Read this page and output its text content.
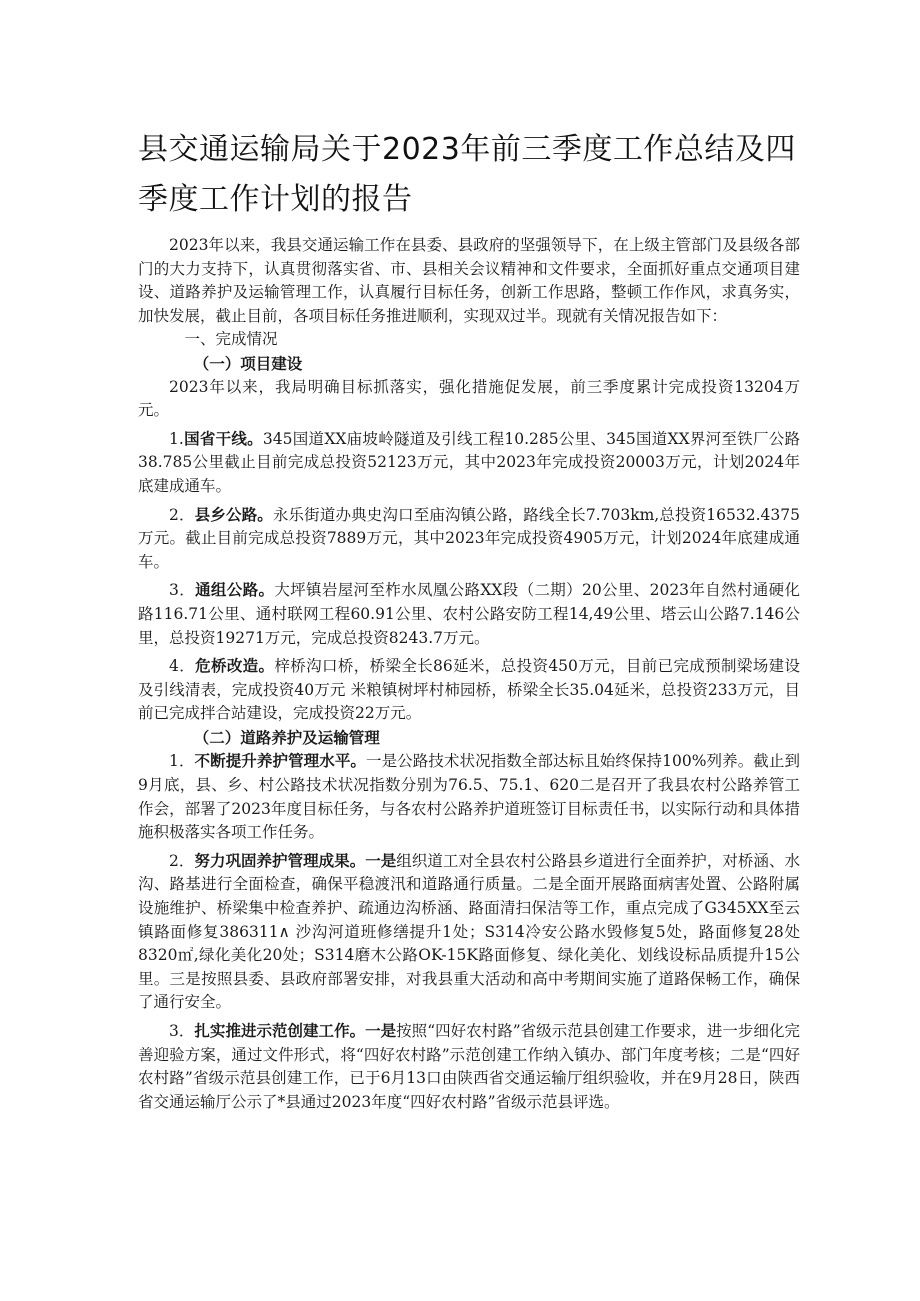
县交通运输局关于2023年前三季度工作总结及四季度工作计划的报告

2023年以来，我县交通运输工作在县委、县政府的坚强领导下，在上级主管部门及县级各部门的大力支持下，认真贯彻落实省、市、县相关会议精神和文件要求，全面抓好重点交通项目建设、道路养护及运输管理工作，认真履行目标任务，创新工作思路，整顿工作作风，求真务实，加快发展，截止目前，各项目标任务推进顺利，实现双过半。现就有关情况报告如下：

一、完成情况

（一）项目建设

2023年以来，我局明确目标抓落实，强化措施促发展，前三季度累计完成投资13204万元。

1.国省干线。345国道XX庙坡岭隧道及引线工程10.285公里、345国道XX界河至铁厂公路38.785公里截止目前完成总投资52123万元，其中2023年完成投资20003万元，计划2024年底建成通车。

2．县乡公路。永乐街道办典史沟口至庙沟镇公路，路线全长7.703km,总投资16532.4375万元。截止目前完成总投资7889万元，其中2023年完成投资4905万元，计划2024年底建成通车。

3．通组公路。大坪镇岩屋河至柞水凤凰公路XX段（二期）20公里、2023年自然村通硬化路116.71公里、通村联网工程60.91公里、农村公路安防工程14,49公里、塔云山公路7.146公里，总投资19271万元，完成总投资8243.7万元。

4．危桥改造。梓桥沟口桥，桥梁全长86延米，总投资450万元，目前已完成预制梁场建设及引线清表，完成投资40万元 米粮镇树坪村柿园桥，桥梁全长35.04延米，总投资233万元，目前已完成拌合站建设，完成投资22万元。

（二）道路养护及运输管理

1．不断提升养护管理水平。一是公路技术状况指数全部达标且始终保持100%列养。截止到9月底，县、乡、村公路技术状况指数分别为76.5、75.1、620二是召开了我县农村公路养管工作会，部署了2023年度目标任务，与各农村公路养护道班签订目标责任书，以实际行动和具体措施积极落实各项工作任务。

2．努力巩固养护管理成果。一是组织道工对全县农村公路县乡道进行全面养护，对桥涵、水沟、路基进行全面检查，确保平稳渡汛和道路通行质量。二是全面开展路面病害处置、公路附属设施维护、桥梁集中检查养护、疏通边沟桥涵、路面清扫保洁等工作，重点完成了G345XX至云镇路面修复386311∧ 沙沟河道班修缮提升1处；S314冷安公路水毁修复5处，路面修复28处8320㎡,绿化美化20处；S314磨木公路OK-15K路面修复、绿化美化、划线设标品质提升15公里。三是按照县委、县政府部署安排，对我县重大活动和高中考期间实施了道路保畅工作，确保了通行安全。

3．扎实推进示范创建工作。一是按照“四好农村路”省级示范县创建工作要求，进一步细化完善迎验方案，通过文件形式，将“四好农村路”示范创建工作纳入镇办、部门年度考核；二是“四好农村路”省级示范县创建工作，已于6月13口由陕西省交通运输厅组织验收，并在9月28日，陕西省交通运输厅公示了*县通过2023年度“四好农村路”省级示范县评选。
